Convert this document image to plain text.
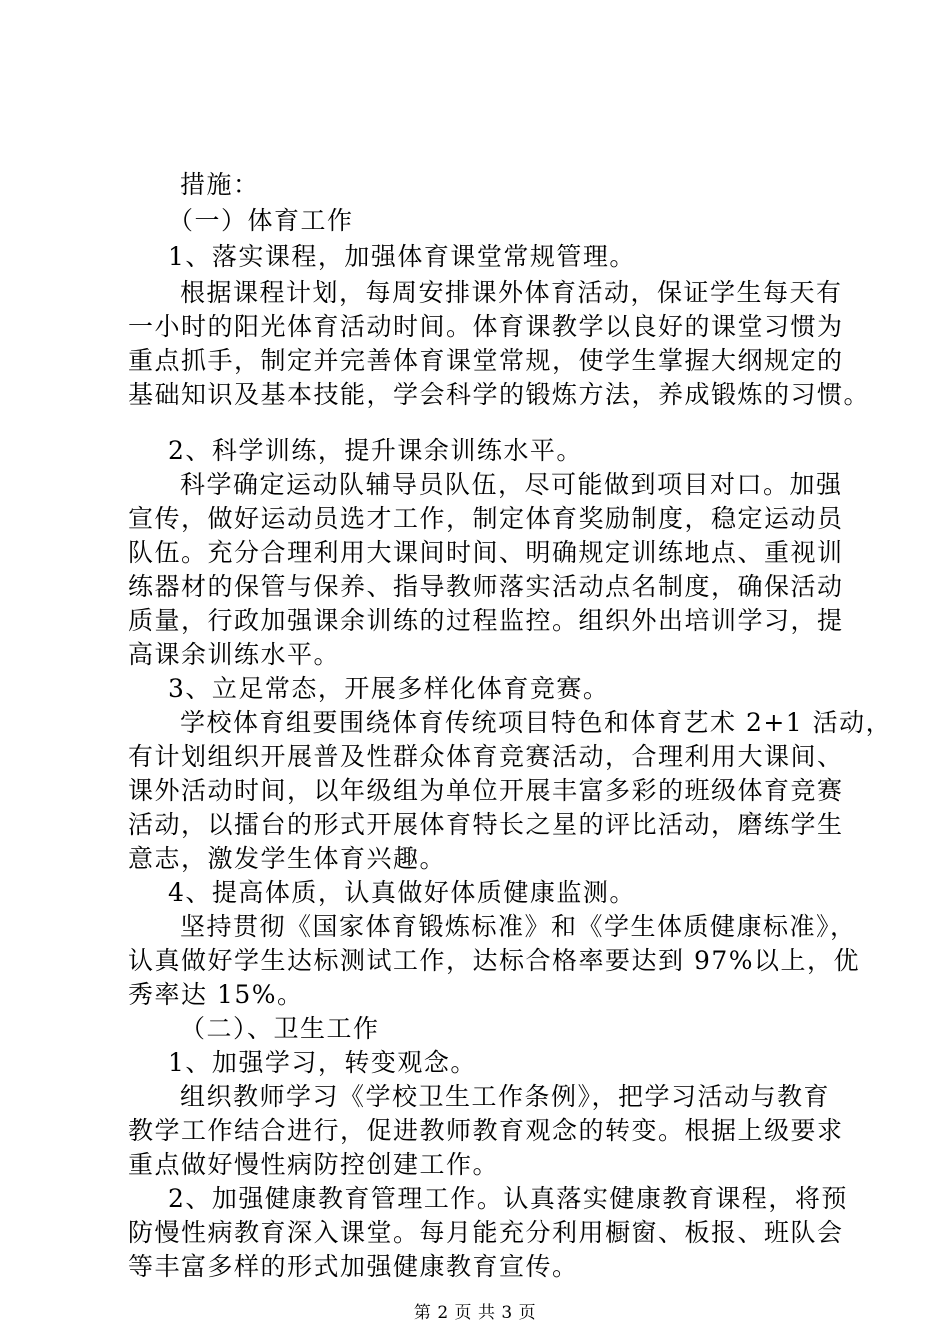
措施：
（一）体育工作
1、落实课程，加强体育课堂常规管理。
根据课程计划，每周安排课外体育活动，保证学生每天有
一小时的阳光体育活动时间。体育课教学以良好的课堂习惯为
重点抓手，制定并完善体育课堂常规，使学生掌握大纲规定的
基础知识及基本技能，学会科学的锻炼方法，养成锻炼的习惯。
2、科学训练，提升课余训练水平。
科学确定运动队辅导员队伍，尽可能做到项目对口。加强
宣传，做好运动员选才工作，制定体育奖励制度，稳定运动员
队伍。充分合理利用大课间时间、明确规定训练地点、重视训
练器材的保管与保养、指导教师落实活动点名制度，确保活动
质量，行政加强课余训练的过程监控。组织外出培训学习，提
高课余训练水平。
3、立足常态，开展多样化体育竞赛。
学校体育组要围绕体育传统项目特色和体育艺术 2+1 活动，
有计划组织开展普及性群众体育竞赛活动，合理利用大课间、
课外活动时间，以年级组为单位开展丰富多彩的班级体育竞赛
活动，以擂台的形式开展体育特长之星的评比活动，磨练学生
意志，激发学生体育兴趣。
4、提高体质，认真做好体质健康监测。
坚持贯彻《国家体育锻炼标准》和《学生体质健康标准》，
认真做好学生达标测试工作，达标合格率要达到 97%以上，优
秀率达 15%。
（二）、卫生工作
1、加强学习，转变观念。
组织教师学习《学校卫生工作条例》，把学习活动与教育
教学工作结合进行，促进教师教育观念的转变。根据上级要求
重点做好慢性病防控创建工作。
2、加强健康教育管理工作。认真落实健康教育课程，将预
防慢性病教育深入课堂。每月能充分利用橱窗、板报、班队会
等丰富多样的形式加强健康教育宣传。
第 2 页 共 3 页
